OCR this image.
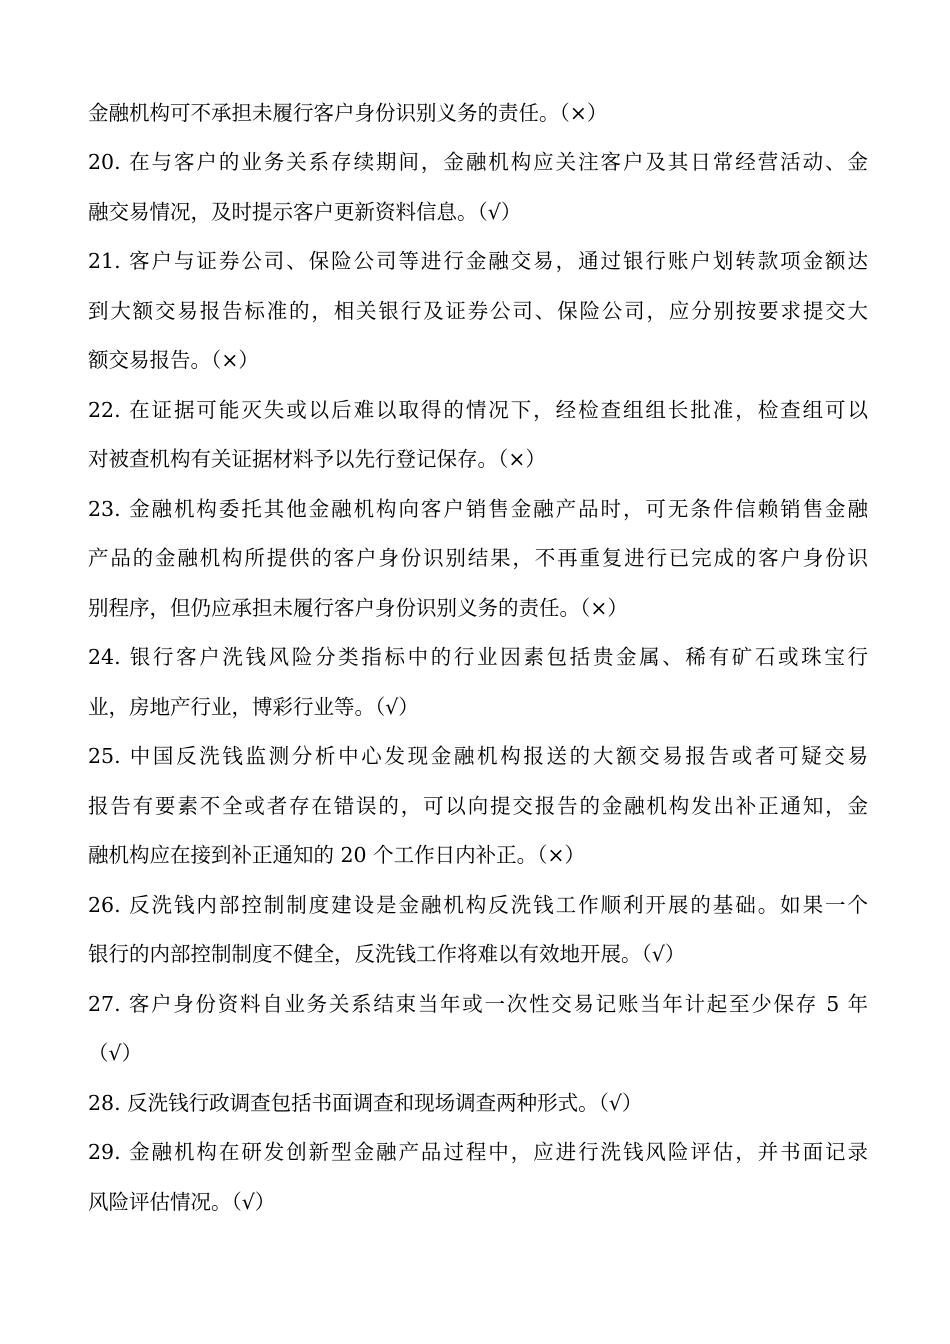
金融机构可不承担未履行客户身份识别义务的责任。（×）
20. 在与客户的业务关系存续期间，金融机构应关注客户及其日常经营活动、金
融交易情况，及时提示客户更新资料信息。（√）
21. 客户与证券公司、保险公司等进行金融交易，通过银行账户划转款项金额达
到大额交易报告标准的，相关银行及证券公司、保险公司，应分别按要求提交大
额交易报告。（×）
22. 在证据可能灭失或以后难以取得的情况下，经检查组组长批准，检查组可以
对被查机构有关证据材料予以先行登记保存。（×）
23. 金融机构委托其他金融机构向客户销售金融产品时，可无条件信赖销售金融
产品的金融机构所提供的客户身份识别结果，不再重复进行已完成的客户身份识
别程序，但仍应承担未履行客户身份识别义务的责任。（×）
24. 银行客户洗钱风险分类指标中的行业因素包括贵金属、稀有矿石或珠宝行
业，房地产行业，博彩行业等。（√）
25. 中国反洗钱监测分析中心发现金融机构报送的大额交易报告或者可疑交易
报告有要素不全或者存在错误的，可以向提交报告的金融机构发出补正通知，金
融机构应在接到补正通知的 20 个工作日内补正。（×）
26. 反洗钱内部控制制度建设是金融机构反洗钱工作顺利开展的基础。如果一个
银行的内部控制制度不健全，反洗钱工作将难以有效地开展。（√）
27. 客户身份资料自业务关系结束当年或一次性交易记账当年计起至少保存 5 年
（√）
28. 反洗钱行政调查包括书面调查和现场调查两种形式。（√）
29. 金融机构在研发创新型金融产品过程中，应进行洗钱风险评估，并书面记录
风险评估情况。（√）
